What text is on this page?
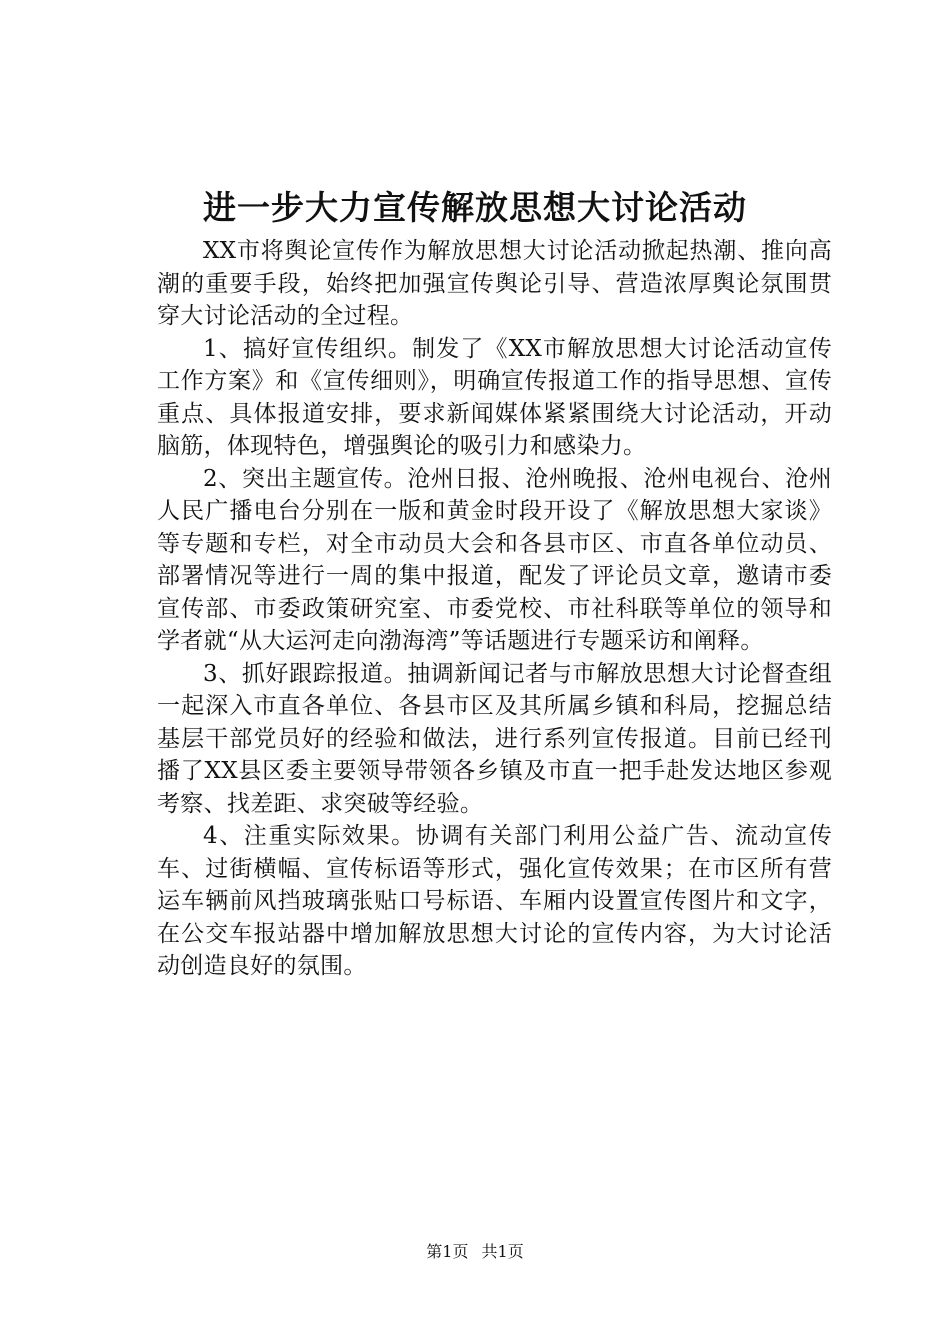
进一步大力宣传解放思想大讨论活动

XX市将舆论宣传作为解放思想大讨论活动掀起热潮、推向高潮的重要手段，始终把加强宣传舆论引导、营造浓厚舆论氛围贯穿大讨论活动的全过程。

1、搞好宣传组织。制发了《XX市解放思想大讨论活动宣传工作方案》和《宣传细则》，明确宣传报道工作的指导思想、宣传重点、具体报道安排，要求新闻媒体紧紧围绕大讨论活动，开动脑筋，体现特色，增强舆论的吸引力和感染力。

2、突出主题宣传。沧州日报、沧州晚报、沧州电视台、沧州人民广播电台分别在一版和黄金时段开设了《解放思想大家谈》等专题和专栏，对全市动员大会和各县市区、市直各单位动员、部署情况等进行一周的集中报道，配发了评论员文章，邀请市委宣传部、市委政策研究室、市委党校、市社科联等单位的领导和学者就“从大运河走向渤海湾”等话题进行专题采访和阐释。

3、抓好跟踪报道。抽调新闻记者与市解放思想大讨论督查组一起深入市直各单位、各县市区及其所属乡镇和科局，挖掘总结基层干部党员好的经验和做法，进行系列宣传报道。目前已经刊播了XX县区委主要领导带领各乡镇及市直一把手赴发达地区参观考察、找差距、求突破等经验。

4、注重实际效果。协调有关部门利用公益广告、流动宣传车、过街横幅、宣传标语等形式，强化宣传效果；在市区所有营运车辆前风挡玻璃张贴口号标语、车厢内设置宣传图片和文字，在公交车报站器中增加解放思想大讨论的宣传内容，为大讨论活动创造良好的氛围。

第1页 共1页
